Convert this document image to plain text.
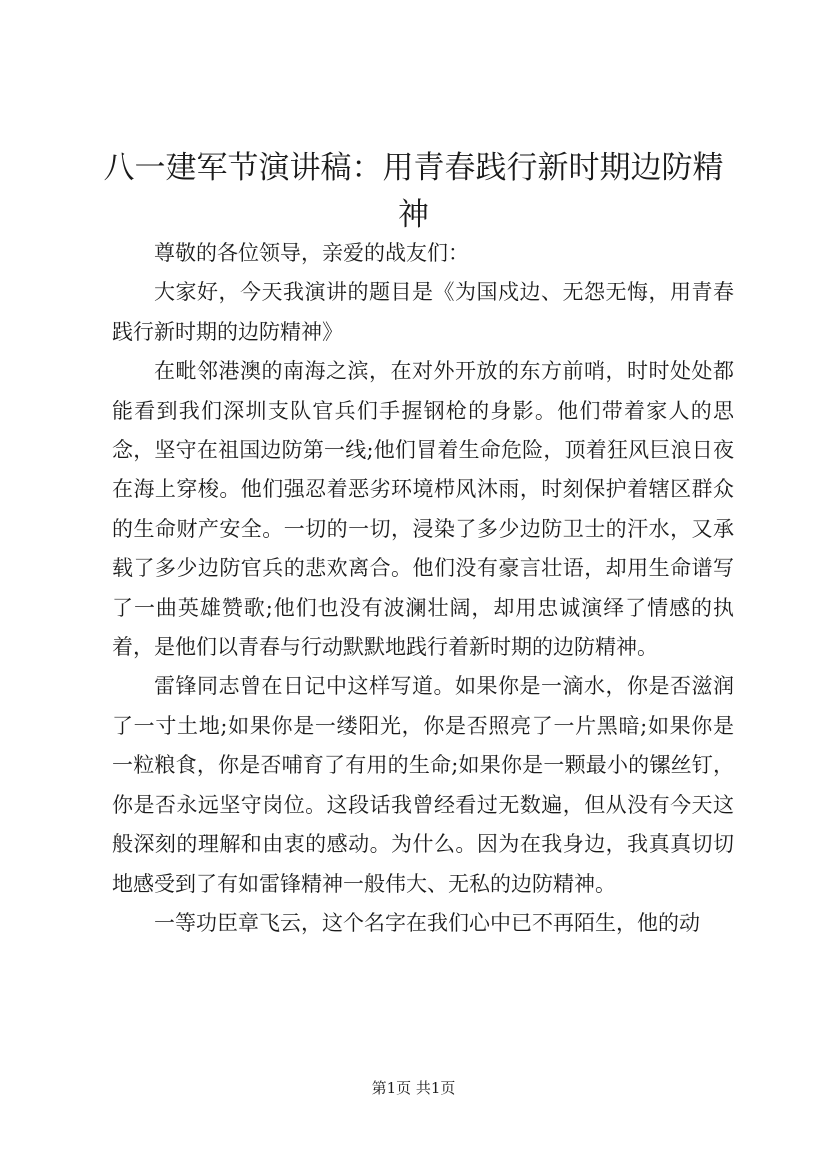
八一建军节演讲稿：用青春践行新时期边防精神

尊敬的各位领导，亲爱的战友们：

大家好，今天我演讲的题目是《为国戍边、无怨无悔，用青春践行新时期的边防精神》

在毗邻港澳的南海之滨，在对外开放的东方前哨，时时处处都能看到我们深圳支队官兵们手握钢枪的身影。他们带着家人的思念，坚守在祖国边防第一线;他们冒着生命危险，顶着狂风巨浪日夜在海上穿梭。他们强忍着恶劣环境栉风沐雨，时刻保护着辖区群众的生命财产安全。一切的一切，浸染了多少边防卫士的汗水，又承载了多少边防官兵的悲欢离合。他们没有豪言壮语，却用生命谱写了一曲英雄赞歌;他们也没有波澜壮阔，却用忠诚演绎了情感的执着，是他们以青春与行动默默地践行着新时期的边防精神。

雷锋同志曾在日记中这样写道。如果你是一滴水，你是否滋润了一寸土地;如果你是一缕阳光，你是否照亮了一片黑暗;如果你是一粒粮食，你是否哺育了有用的生命;如果你是一颗最小的镙丝钉，你是否永远坚守岗位。这段话我曾经看过无数遍，但从没有今天这般深刻的理解和由衷的感动。为什么。因为在我身边，我真真切切地感受到了有如雷锋精神一般伟大、无私的边防精神。

一等功臣章飞云，这个名字在我们心中已不再陌生，他的动

第1页 共1页
